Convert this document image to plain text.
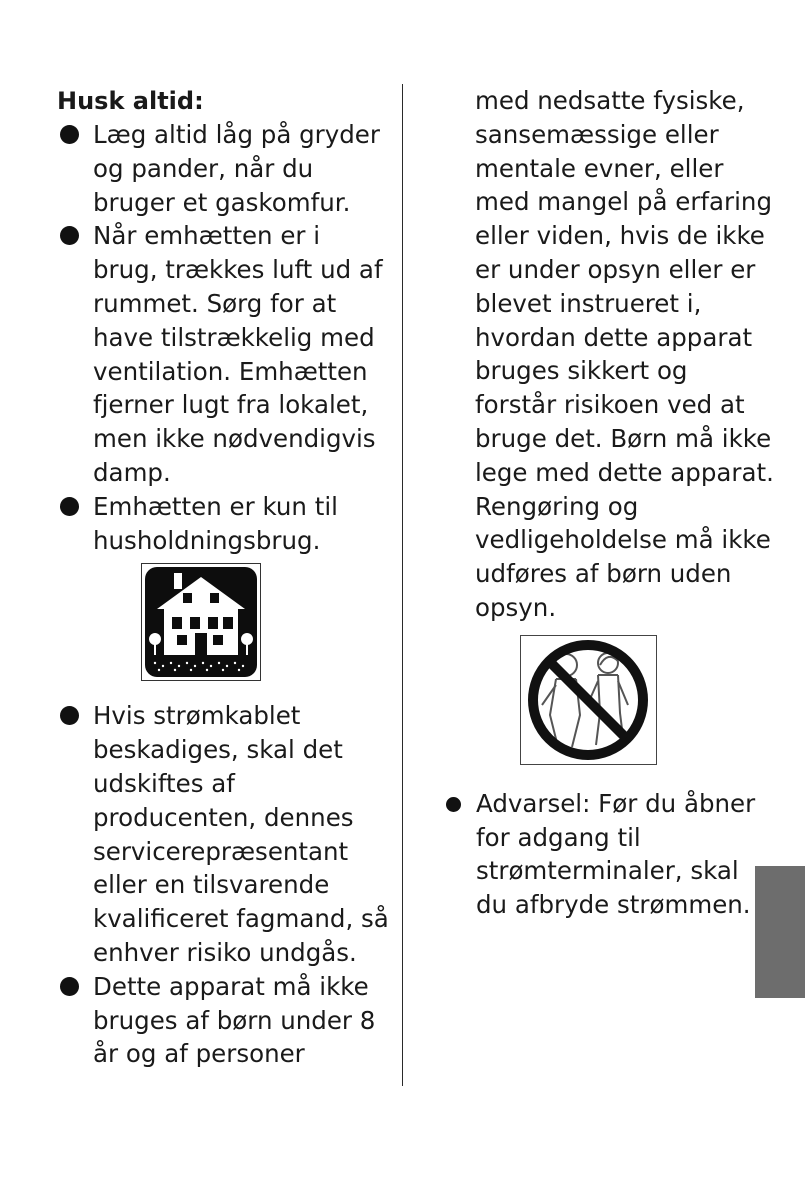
Husk altid:

Læg altid låg på gryder og pander, når du bruger et gaskomfur.
Når emhætten er i brug, trækkes luft ud af rummet. Sørg for at have tilstrækkelig med ventilation. Emhætten fjerner lugt fra lokalet, men ikke nødvendigvis damp.
Emhætten er kun til husholdningsbrug.
Hvis strømkablet beskadiges, skal det udskiftes af producenten, dennes servicerepræsentant eller en tilsvarende kvalificeret fagmand, så enhver risiko undgås.
Dette apparat må ikke bruges af børn under 8 år og af personer

med nedsatte fysiske, sansemæssige eller mentale evner, eller med mangel på erfaring eller viden, hvis de ikke er under opsyn eller er blevet instrueret i, hvordan dette apparat bruges sikkert og forstår risikoen ved at bruge det. Børn må ikke lege med dette apparat. Rengøring og vedligeholdelse må ikke udføres af børn uden opsyn.

Advarsel: Før du åbner for adgang til strømterminaler, skal du afbryde strømmen.
